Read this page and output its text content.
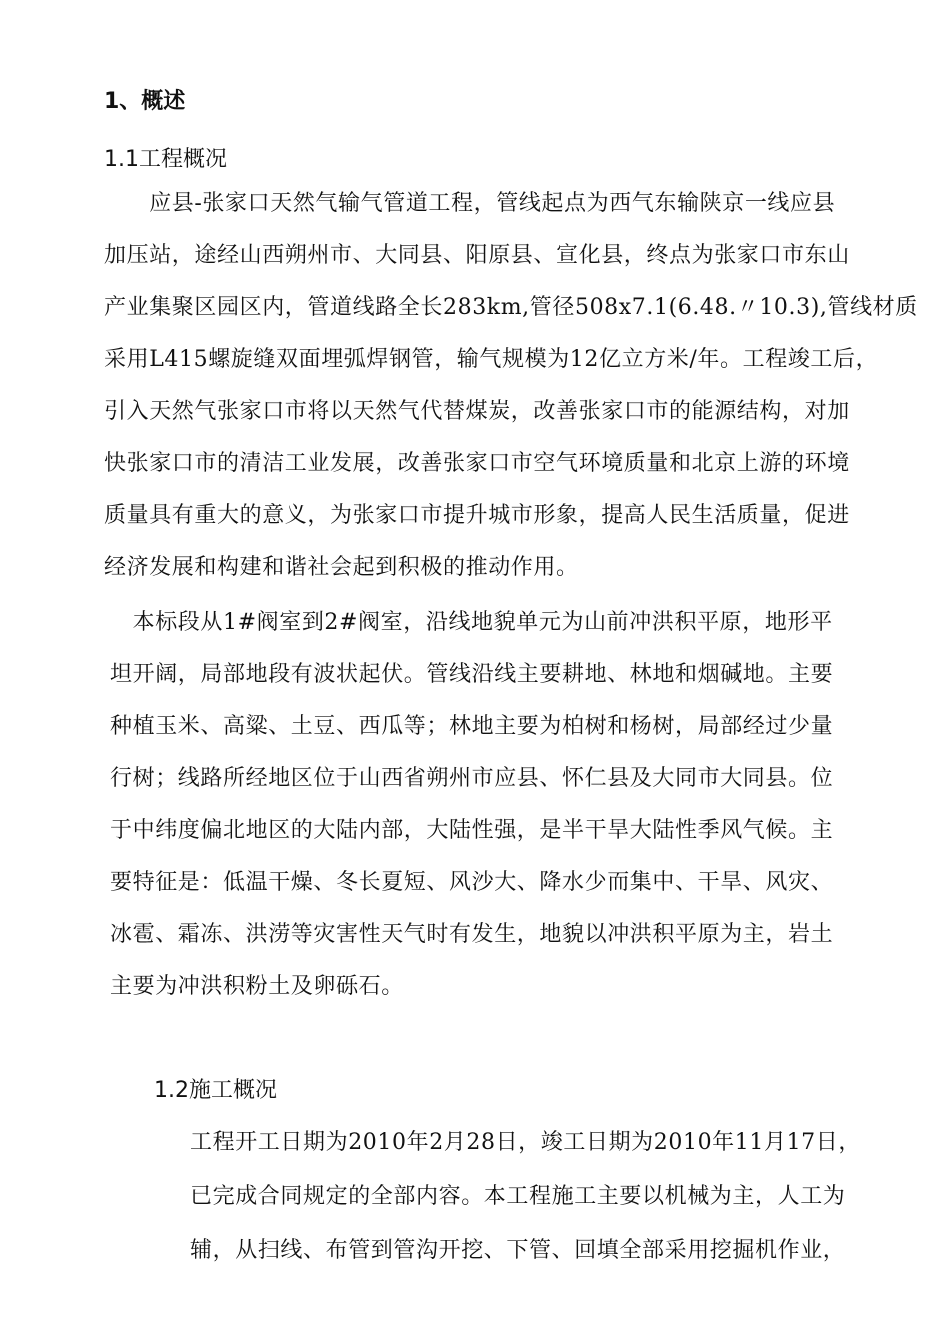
1、概述
1.1工程概况
　　应县-张家口天然气输气管道工程，管线起点为西气东输陕京一线应县
加压站，途经山西朔州市、大同县、阳原县、宣化县，终点为张家口市东山
产业集聚区园区内，管道线路全长283km,管径508x7.1(6.48.〃10.3),管线材质
采用L415螺旋缝双面埋弧焊钢管，输气规模为12亿立方米/年。工程竣工后，
引入天然气张家口市将以天然气代替煤炭，改善张家口市的能源结构，对加
快张家口市的清洁工业发展，改善张家口市空气环境质量和北京上游的环境
质量具有重大的意义，为张家口市提升城市形象，提高人民生活质量，促进
经济发展和构建和谐社会起到积极的推动作用。
　本标段从1#阀室到2#阀室，沿线地貌单元为山前冲洪积平原，地形平
坦开阔，局部地段有波状起伏。管线沿线主要耕地、林地和烟碱地。主要
种植玉米、高粱、土豆、西瓜等；林地主要为柏树和杨树，局部经过少量
行树；线路所经地区位于山西省朔州市应县、怀仁县及大同市大同县。位
于中纬度偏北地区的大陆内部，大陆性强，是半干旱大陆性季风气候。主
要特征是：低温干燥、冬长夏短、风沙大、降水少而集中、干旱、风灾、
冰雹、霜冻、洪涝等灾害性天气时有发生，地貌以冲洪积平原为主，岩土
主要为冲洪积粉土及卵砾石。
1.2施工概况
工程开工日期为2010年2月28日，竣工日期为2010年11月17日，
已完成合同规定的全部内容。本工程施工主要以机械为主，人工为
辅，从扫线、布管到管沟开挖、下管、回填全部采用挖掘机作业，
